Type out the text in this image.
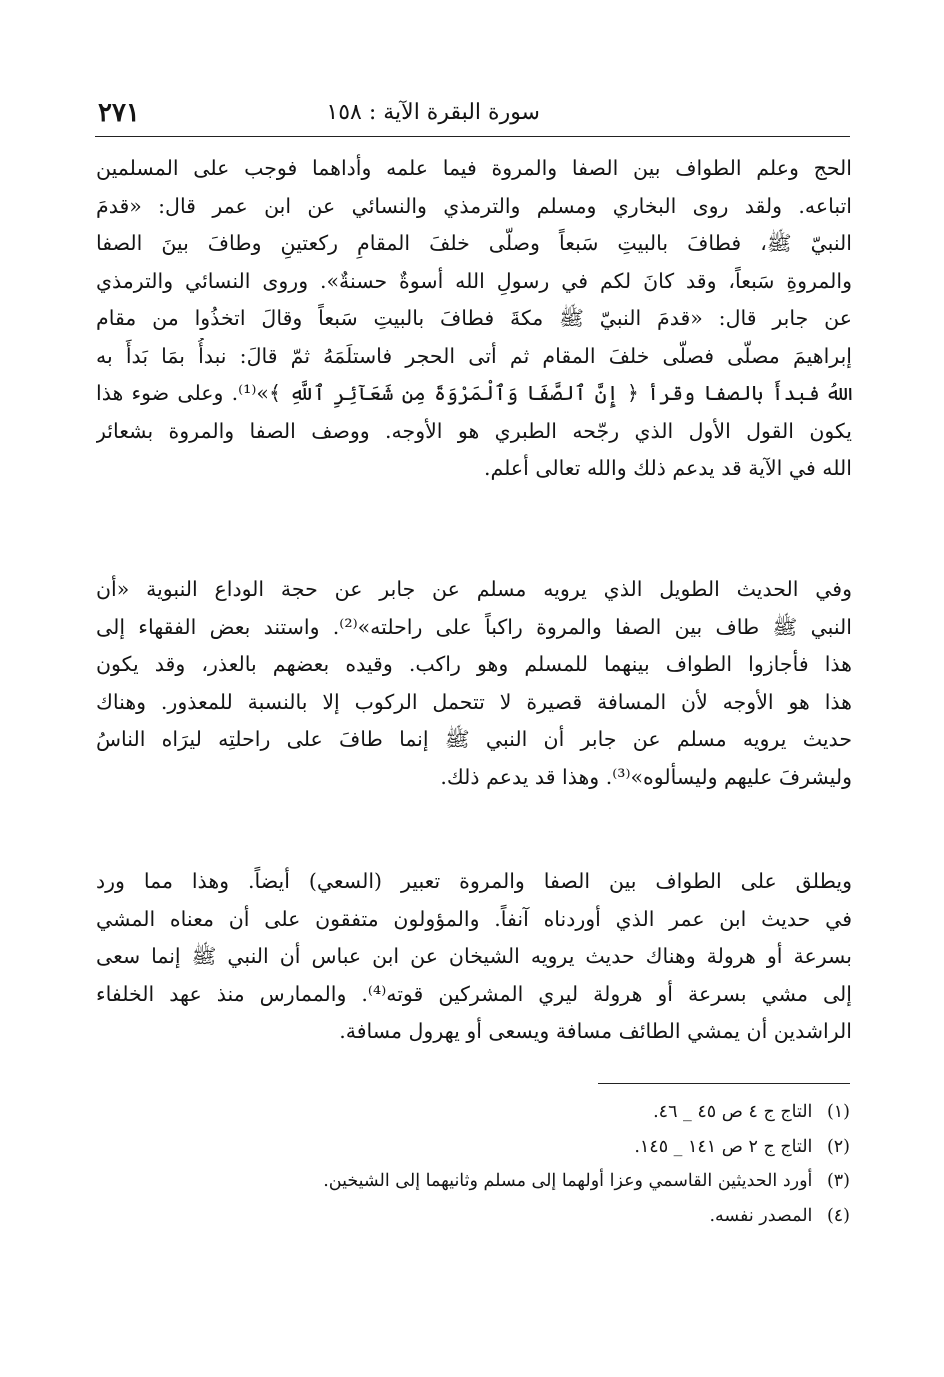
سورة البقرة الآية : ١٥٨
٢٧١
الحج وعلم الطواف بين الصفا والمروة فيما علمه وأداهما فوجب على المسلمين
اتباعه. ولقد روى البخاري ومسلم والترمذي والنسائي عن ابن عمر قال: «قدمَ
النبيّ ﷺ، فطافَ بالبيتِ سَبعاً وصلّى خلفَ المقامِ ركعتينِ وطافَ بينَ الصفا
والمروةِ سَبعاً، وقد كانَ لكم في رسولِ الله أسوةٌ حسنةٌ». وروى النسائي والترمذي
عن جابر قال: «قدمَ النبيّ ﷺ مكةَ فطافَ بالبيتِ سَبعاً وقالَ اتخذُوا من مقام
إبراهيمَ مصلّى فصلّى خلفَ المقام ثم أتى الحجر فاستلَمَهُ ثمّ قالَ: نبدأُ بمَا بَدأَ به
اللهُ فبدأَ بالصفا وقرأ ﴿ إِنَّ ٱلصَّفَا وَٱلْمَرْوَةَ مِن شَعَآئِرِ ٱللَّهِ ﴾»⁽¹⁾. وعلى ضوء هذا
يكون القول الأول الذي رجّحه الطبري هو الأوجه. ووصف الصفا والمروة بشعائر
الله في الآية قد يدعم ذلك والله تعالى أعلم.
وفي الحديث الطويل الذي يرويه مسلم عن جابر عن حجة الوداع النبوية «أن
النبي ﷺ طاف بين الصفا والمروة راكباً على راحلته»⁽²⁾. واستند بعض الفقهاء إلى
هذا فأجازوا الطواف بينهما للمسلم وهو راكب. وقيده بعضهم بالعذر، وقد يكون
هذا هو الأوجه لأن المسافة قصيرة لا تتحمل الركوب إلا بالنسبة للمعذور. وهناك
حديث يرويه مسلم عن جابر أن النبي ﷺ إنما طافَ على راحلتِه ليرَاه الناسُ
وليشرفَ عليهم وليسألوه»⁽³⁾. وهذا قد يدعم ذلك.
ويطلق على الطواف بين الصفا والمروة تعبير (السعي) أيضاً. وهذا مما ورد
في حديث ابن عمر الذي أوردناه آنفاً. والمؤولون متفقون على أن معناه المشي
بسرعة أو هرولة وهناك حديث يرويه الشيخان عن ابن عباس أن النبي ﷺ إنما سعى
إلى مشي بسرعة أو هرولة ليري المشركين قوته⁽⁴⁾. والممارس منذ عهد الخلفاء
الراشدين أن يمشي الطائف مسافة ويسعى أو يهرول مسافة.
(١) التاج ج ٤ ص ٤٥ _ ٤٦.
(٢) التاج ج ٢ ص ١٤١ _ ١٤٥.
(٣) أورد الحديثين القاسمي وعزا أولهما إلى مسلم وثانيهما إلى الشيخين.
(٤) المصدر نفسه.
